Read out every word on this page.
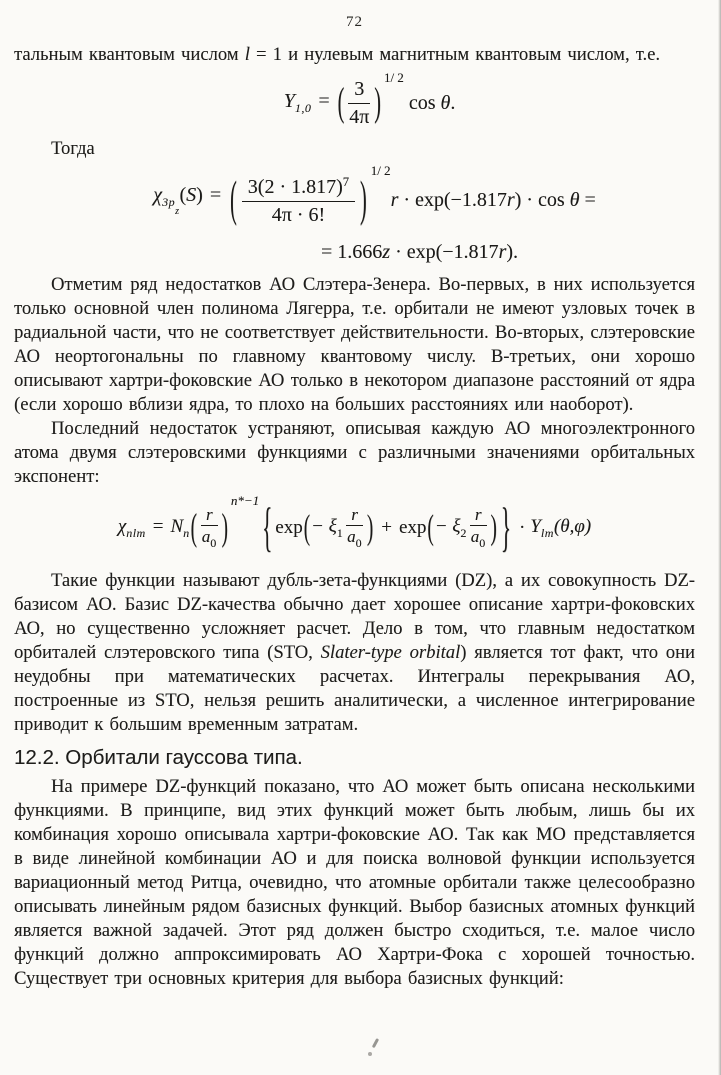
72

тальным квантовым числом l = 1 и нулевым магнитным квантовым числом, т.е.

$Y_{1,0}$ = ( $\frac{3}{4\pi}$ )
1/ 2
cos θ.

Тогда

$\chi_{3p_z}(S)$ = ( $\frac{3(2 \cdot 1.817)^7}{4\pi \cdot 6!}$ )
1/ 2
r · exp(−1.817r) · cos θ =
= 1.666z · exp(−1.817r).

Отметим ряд недостатков АО Слэтера-Зенера. Во-первых, в них используется только основной член полинома Лягерра, т.е. орбитали не имеют узловых точек в радиальной части, что не соответствует действительности. Во-вторых, слэтеровские АО неортогональны по главному квантовому числу. В-третьих, они хорошо описывают хартри-фоковские АО только в некотором диапазоне расстояний от ядра (если хорошо вблизи ядра, то плохо на больших расстояниях или наоборот).

Последний недостаток устраняют, описывая каждую АО многоэлектронного атома двумя слэтеровскими функциями с различными значениями орбитальных экспонент:

$\chi_{nlm} = N_n$ ( $\frac{r}{a_0}$ )
n*−1 { exp ( − $\xi_1 \frac{r}{a_0}$ ) + exp ( − $\xi_2 \frac{r}{a_0}$ ) } · $Y_{lm}(\theta,\varphi)$

Такие функции называют дубль-зета-функциями (DZ), а их совокупность DZ-базисом АО. Базис DZ-качества обычно дает хорошее описание хартри-фоковских АО, но существенно усложняет расчет. Дело в том, что главным недостатком орбиталей слэтеровского типа (STO, Slater-type orbital) является тот факт, что они неудобны при математических расчетах. Интегралы перекрывания АО, построенные из STO, нельзя решить аналитически, а численное интегрирование приводит к большим временным затратам.

12.2. Орбитали гауссова типа.

На примере DZ-функций показано, что АО может быть описана несколькими функциями. В принципе, вид этих функций может быть любым, лишь бы их комбинация хорошо описывала хартри-фоковские АО. Так как МО представляется в виде линейной комбинации АО и для поиска волновой функции используется вариационный метод Ритца, очевидно, что атомные орбитали также целесообразно описывать линейным рядом базисных функций. Выбор базисных атомных функций является важной задачей. Этот ряд должен быстро сходиться, т.е. малое число функций должно аппроксимировать АО Хартри-Фока с хорошей точностью. Существует три основных критерия для выбора базисных функций:
